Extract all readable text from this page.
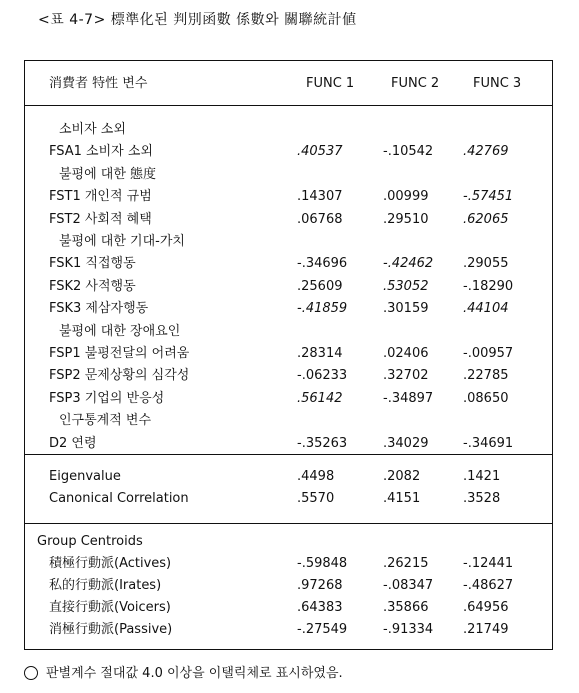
<표 4-7> 標準化된 判別函數 係數와 關聯統計値
消費者 特性 변수	FUNC 1	FUNC 2	FUNC 3
소비자 소외
FSA1 소비자 소외	.40537	-.10542 .42769
불평에 대한 態度
FST1 개인적 규범	.14307	.00999	-.57451
FST2 사회적 혜택	.06768	.29510	.62065
불평에 대한 기대-가치
FSK1 직접행동	-.34696	-.42462 .29055
FSK2 사적행동	.25609	.53052	-.18290
FSK3 제삼자행동	-.41859	.30159	.44104
불평에 대한 장애요인
FSP1 불평전달의 어려움	.28314	.02406	-.00957
FSP2 문제상황의 심각성	-.06233	.32702	.22785
FSP3 기업의 반응성	.56142	-.34897 .08650
인구통계적 변수
D2 연령	-.35263	.34029	-.34691
Eigenvalue	.4498	.2082	.1421
Canonical Correlation	.5570	.4151	.3528
Group Centroids
積極行動派(Actives)	-.59848	.26215	-.12441
私的行動派(Irates)	.97268	-.08347 -.48627
直接行動派(Voicers)	.64383	.35866	.64956
消極行動派(Passive)	-.27549	-.91334 .21749
판별계수 절대값 4.0 이상을 이탤릭체로 표시하였음.
